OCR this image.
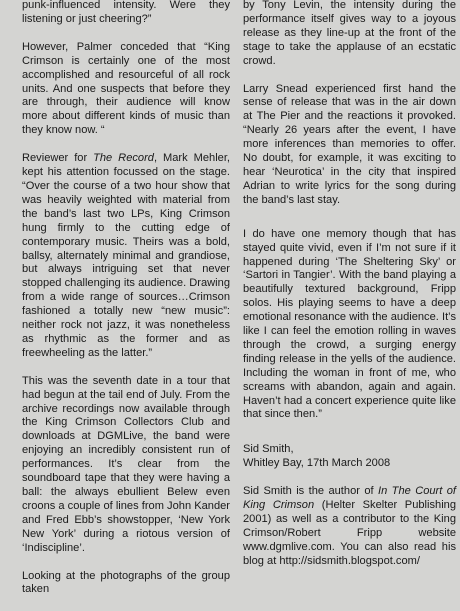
punk-influenced intensity. Were they listening or just cheering?”

However, Palmer conceded that “King Crimson is certainly one of the most accomplished and resourceful of all rock units. And one suspects that before they are through, their audience will know more about different kinds of music than they know now. “

Reviewer for The Record, Mark Mehler, kept his attention focussed on the stage. “Over the course of a two hour show that was heavily weighted with material from the band’s last two LPs, King Crimson hung firmly to the cutting edge of contemporary music. Theirs was a bold, ballsy, alternately minimal and grandiose, but always intriguing set that never stopped challenging its audience. Drawing from a wide range of sources…Crimson fashioned a totally new “new music”: neither rock not jazz, it was nonetheless as rhythmic as the former and as freewheeling as the latter.”

This was the seventh date in a tour that had begun at the tail end of July. From the archive recordings now available through the King Crimson Collectors Club and downloads at DGMLive, the band were enjoying an incredibly consistent run of performances. It’s clear from the soundboard tape that they were having a ball: the always ebullient Belew even croons a couple of lines from John Kander and Fred Ebb’s showstopper, ‘New York New York’ during a riotous version of ‘Indiscipline’.

Looking at the photographs of the group taken

by Tony Levin, the intensity during the performance itself gives way to a joyous release as they line-up at the front of the stage to take the applause of an ecstatic crowd.

Larry Snead experienced first hand the sense of release that was in the air down at The Pier and the reactions it provoked. “Nearly 26 years after the event, I have more inferences than memories to offer. No doubt, for example, it was exciting to hear ‘Neurotica’ in the city that inspired Adrian to write lyrics for the song during the band’s last stay.

I do have one memory though that has stayed quite vivid, even if I’m not sure if it happened during ‘The Sheltering Sky’ or ‘Sartori in Tangier’. With the band playing a beautifully textured background, Fripp solos. His playing seems to have a deep emotional resonance with the audience. It’s like I can feel the emotion rolling in waves through the crowd, a surging energy finding release in the yells of the audience. Including the woman in front of me, who screams with abandon, again and again. Haven’t had a concert experience quite like that since then.”

Sid Smith,

Whitley Bay, 17th March 2008

Sid Smith is the author of In The Court of King Crimson (Helter Skelter Publishing 2001) as well as a contributor to the King Crimson/Robert Fripp website www.dgmlive.com. You can also read his blog at http://sidsmith.blogspot.com/
